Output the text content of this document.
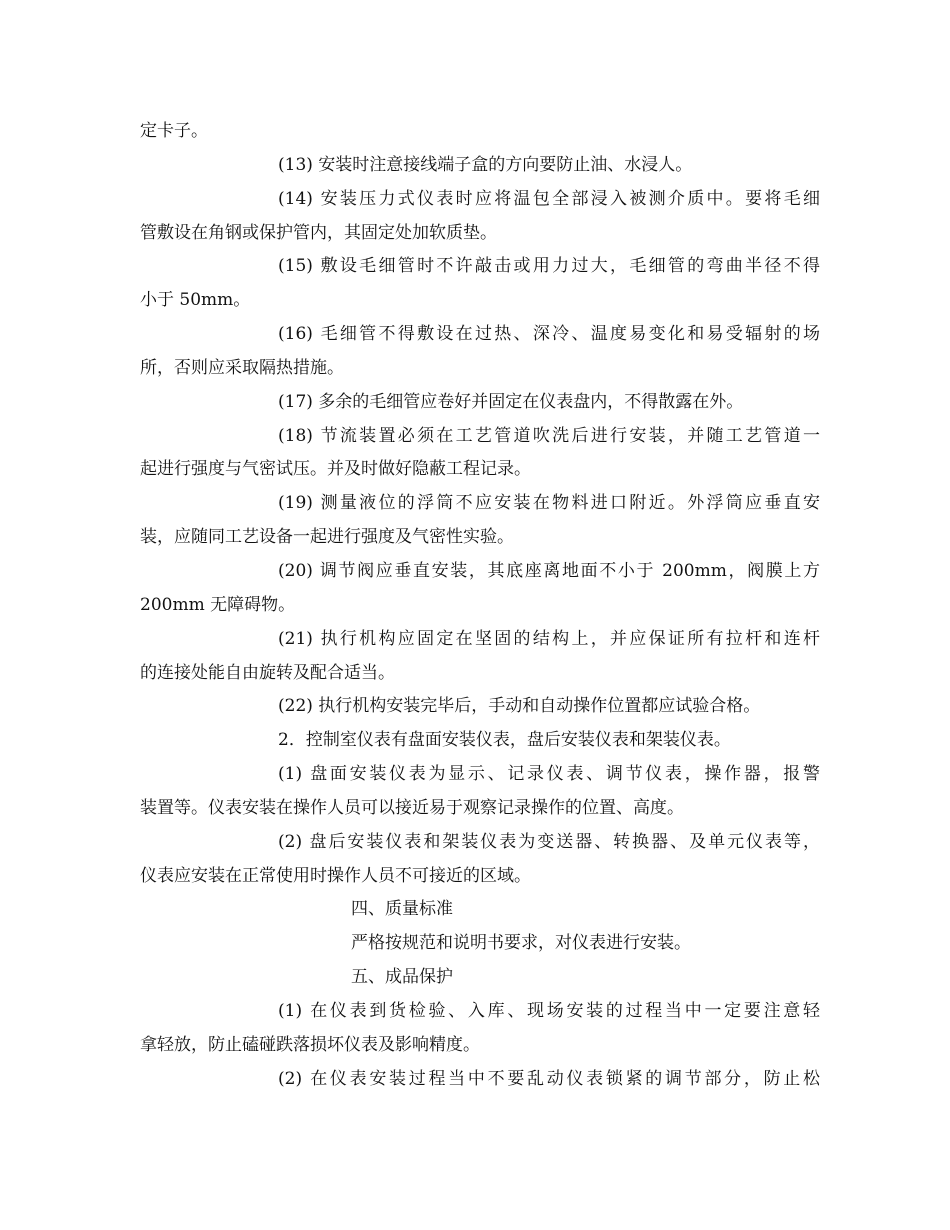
定卡子。
(13) 安装时注意接线端子盒的方向要防止油、水浸人。
(14) 安装压力式仪表时应将温包全部浸入被测介质中。要将毛细
管敷设在角钢或保护管内，其固定处加软质垫。
(15) 敷设毛细管时不许敲击或用力过大，毛细管的弯曲半径不得
小于 50mm。
(16) 毛细管不得敷设在过热、深冷、温度易变化和易受辐射的场
所，否则应采取隔热措施。
(17) 多余的毛细管应卷好并固定在仪表盘内，不得散露在外。
(18) 节流装置必须在工艺管道吹洗后进行安装，并随工艺管道一
起进行强度与气密试压。并及时做好隐蔽工程记录。
(19) 测量液位的浮筒不应安装在物料进口附近。外浮筒应垂直安
装，应随同工艺设备一起进行强度及气密性实验。
(20) 调节阀应垂直安装，其底座离地面不小于 200mm，阀膜上方
200mm 无障碍物。
(21) 执行机构应固定在坚固的结构上，并应保证所有拉杆和连杆
的连接处能自由旋转及配合适当。
(22) 执行机构安装完毕后，手动和自动操作位置都应试验合格。
2．控制室仪表有盘面安装仪表，盘后安装仪表和架装仪表。
(1) 盘面安装仪表为显示、记录仪表、调节仪表，操作器，报警
装置等。仪表安装在操作人员可以接近易于观察记录操作的位置、高度。
(2) 盘后安装仪表和架装仪表为变送器、转换器、及单元仪表等，
仪表应安装在正常使用时操作人员不可接近的区域。
四、质量标准
严格按规范和说明书要求，对仪表进行安装。
五、成品保护
(1) 在仪表到货检验、入库、现场安装的过程当中一定要注意轻
拿轻放，防止磕碰跌落损坏仪表及影响精度。
(2) 在仪表安装过程当中不要乱动仪表锁紧的调节部分，防止松
